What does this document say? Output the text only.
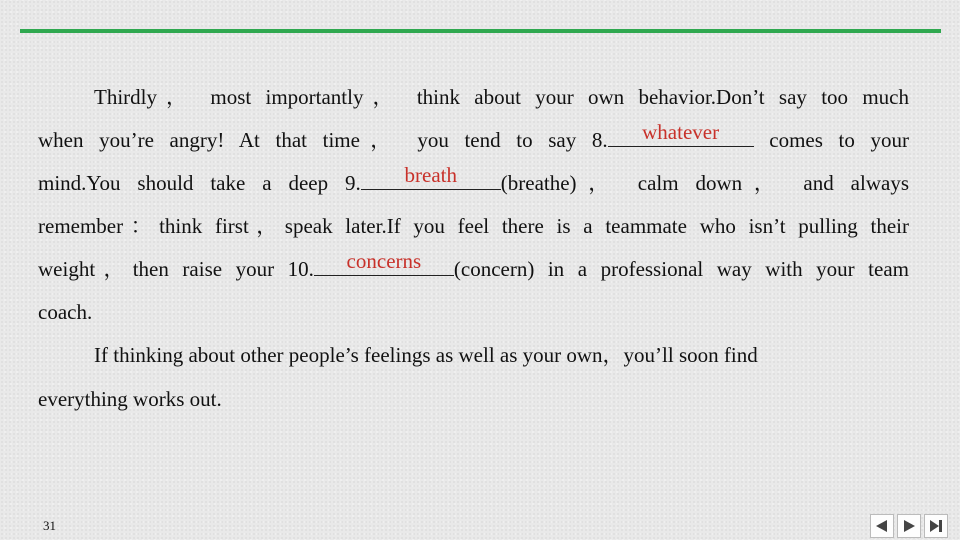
Thirdly， most importantly， think about your own behavior.Don’t say too much
when you’re angry! At that time， you tend to say 8.	whatever	comes to your
mind.You should take a deep 9.	breath	(breathe)， calm down， and always
remember：think first，speak later.If you feel there is a teammate who isn’t pulling their
weight，then raise your 10.	concerns	(concern) in a professional way with your team
coach.
If thinking about other people’s feelings as well as your own，you’ll soon find
everything works out.
31
